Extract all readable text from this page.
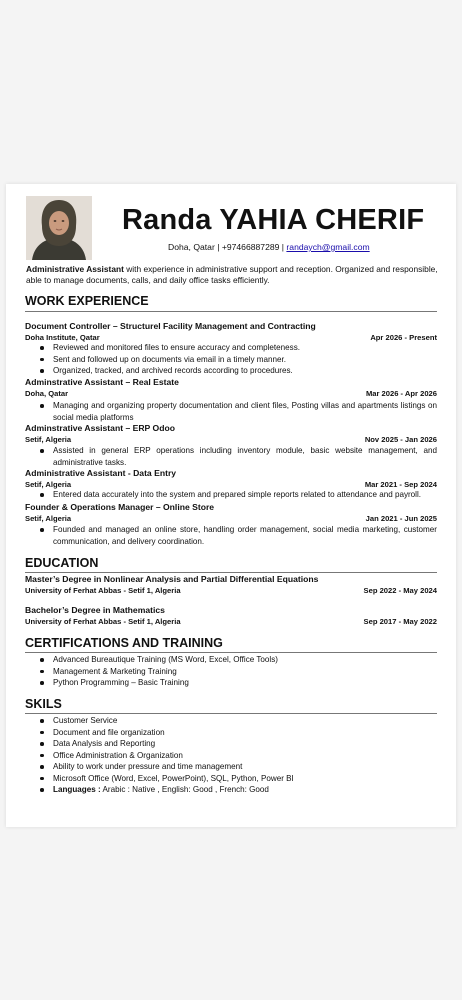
Randa YAHIA CHERIF
Doha, Qatar | +97466887289 | randaych@gmail.com
Administrative Assistant with experience in administrative support and reception. Organized and responsible, able to manage documents, calls, and daily office tasks efficiently.
WORK EXPERIENCE
Document Controller – Structurel Facility Management and Contracting
Doha Institute, Qatar	Apr 2026 - Present
Reviewed and monitored files to ensure accuracy and completeness.
Sent and followed up on documents via email in a timely manner.
Organized, tracked, and archived records according to procedures.
Adminstrative Assistant – Real Estate
Doha, Qatar	Mar 2026 - Apr 2026
Managing and organizing property documentation and client files, Posting villas and apartments listings on social media platforms
Adminstrative Assistant – ERP Odoo
Setif, Algeria	Nov 2025 - Jan 2026
Assisted in general ERP operations including inventory module, basic website management, and administrative tasks.
Administrative Assistant - Data Entry
Setif, Algeria	Mar 2021 - Sep 2024
Entered data accurately into the system and prepared simple reports related to attendance and payroll.
Founder & Operations Manager – Online Store
Setif, Algeria	Jan 2021 - Jun 2025
Founded and managed an online store, handling order management, social media marketing, customer communication, and delivery coordination.
EDUCATION
Master’s Degree in Nonlinear Analysis and Partial Differential Equations
University of Ferhat Abbas - Setif 1, Algeria	Sep 2022 - May 2024
Bachelor’s Degree in Mathematics
University of Ferhat Abbas - Setif 1, Algeria	Sep 2017 - May 2022
CERTIFICATIONS AND TRAINING
Advanced Bureautique Training (MS Word, Excel, Office Tools)
Management & Marketing Training
Python Programming – Basic Training
SKILS
Customer Service
Document and file organization
Data Analysis and Reporting
Office Administration & Organization
Ability to work under pressure and time management
Microsoft Office (Word, Excel, PowerPoint), SQL, Python, Power BI
Languages : Arabic : Native , English: Good , French: Good
